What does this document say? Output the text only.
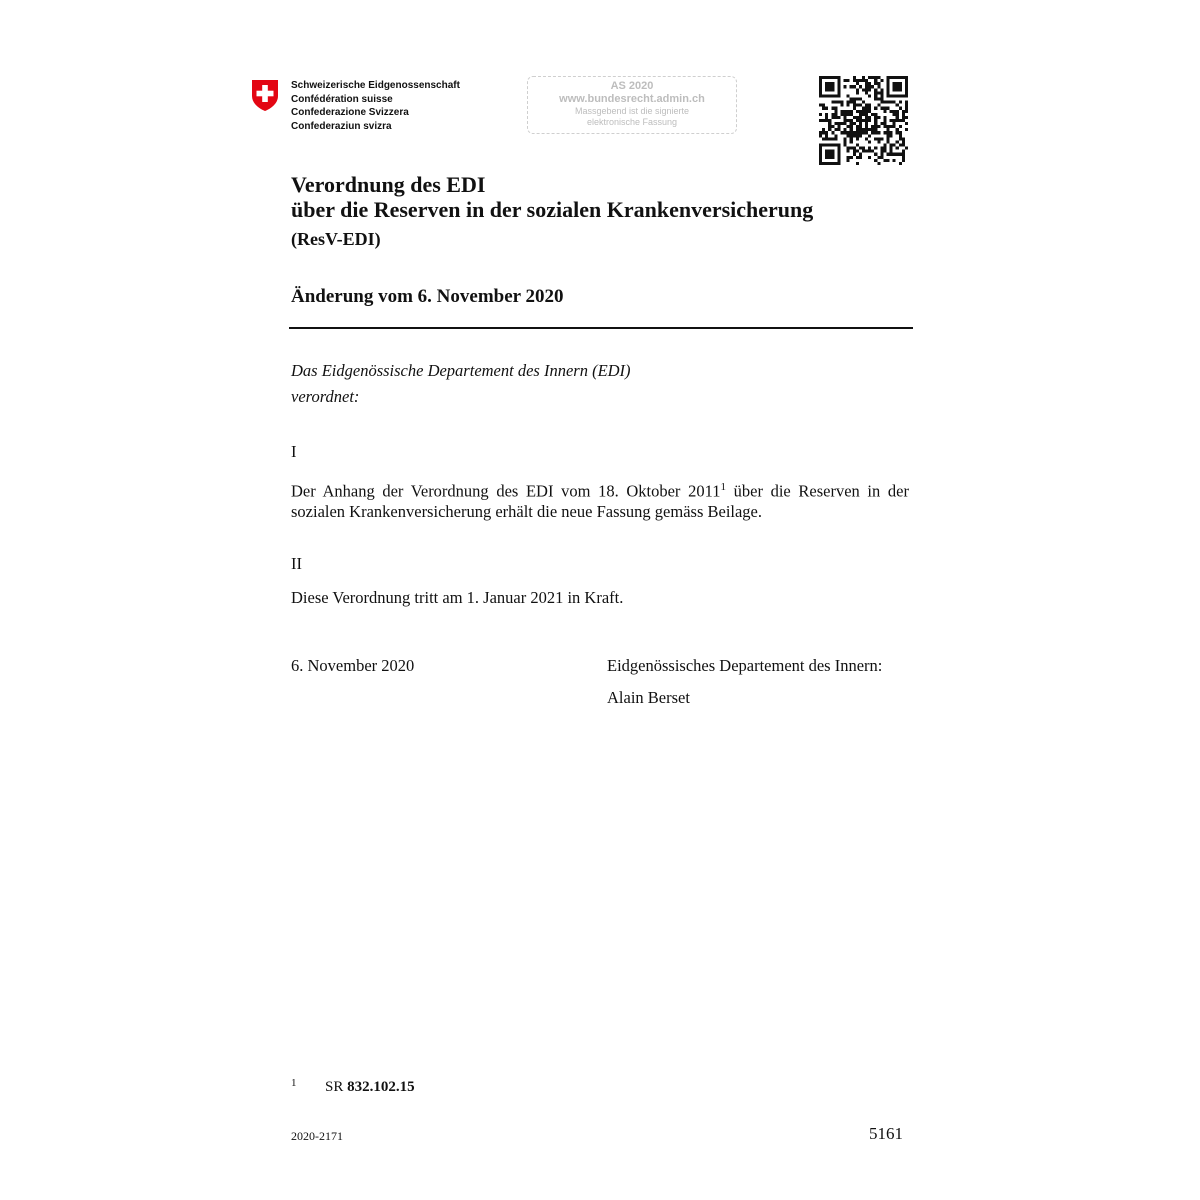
Schweizerische Eidgenossenschaft
Confédération suisse
Confederazione Svizzera
Confederaziun svizra
AS 2020
www.bundesrecht.admin.ch
Massgebend ist die signierte
elektronische Fassung
Verordnung des EDI
über die Reserven in der sozialen Krankenversicherung
(ResV-EDI)
Änderung vom 6. November 2020
Das Eidgenössische Departement des Innern (EDI)
verordnet:
I
Der Anhang der Verordnung des EDI vom 18. Oktober 2011$^1$ über die Reserven in der sozialen Krankenversicherung erhält die neue Fassung gemäss Beilage.
II
Diese Verordnung tritt am 1. Januar 2021 in Kraft.
6. November 2020	Eidgenössisches Departement des Innern:
Alain Berset
1 SR 832.102.15
2020-2171	5161
